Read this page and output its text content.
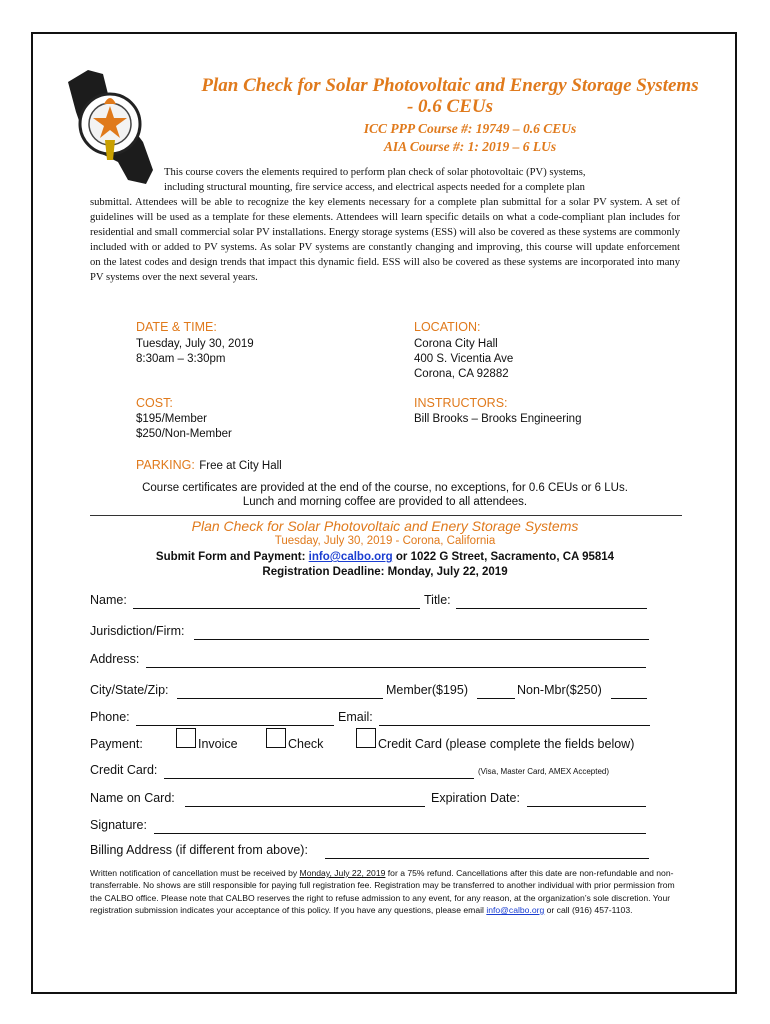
Plan Check for Solar Photovoltaic and Energy Storage Systems
- 0.6 CEUs
ICC PPP Course #: 19749 – 0.6 CEUs
AIA Course #: 1: 2019 – 6 LUs

This course covers the elements required to perform plan check of solar photovoltaic (PV) systems,

including structural mounting, fire service access, and electrical aspects needed for a complete plan

submittal. Attendees will be able to recognize the key elements necessary for a complete plan submittal for a solar PV system. A set of guidelines will be used as a template for these elements. Attendees will learn specific details on what a code-compliant plan includes for residential and small commercial solar PV installations. Energy storage systems (ESS) will also be covered as these systems are commonly included with or added to PV systems. As solar PV systems are constantly changing and improving, this course will update enforcement on the latest codes and design trends that impact this dynamic field. ESS will also be covered as these systems are incorporated into many PV systems over the next several years.

DATE & TIME:
Tuesday, July 30, 2019
8:30am – 3:30pm
LOCATION:
Corona City Hall
400 S. Vicentia Ave
Corona, CA 92882
COST:
$195/Member
$250/Non-Member
INSTRUCTORS:
Bill Brooks – Brooks Engineering
PARKING: Free at City Hall
Course certificates are provided at the end of the course, no exceptions, for 0.6 CEUs or 6 LUs.
Lunch and morning coffee are provided to all attendees.
Plan Check for Solar Photovoltaic and Enery Storage Systems
Tuesday, July 30, 2019 - Corona, California
Submit Form and Payment: info@calbo.org or 1022 G Street, Sacramento, CA 95814
Registration Deadline: Monday, July 22, 2019
Name:	Title:
Jurisdiction/Firm:
Address:
City/State/Zip:	Member($195)	Non-Mbr($250)
Phone:	Email:
Payment:	Invoice	Check	Credit Card (please complete the fields below)
Credit Card:	(Visa, Master Card, AMEX Accepted)
Name on Card:	Expiration Date:
Signature:
Billing Address (if different from above):
Written notification of cancellation must be received by Monday, July 22, 2019 for a 75% refund. Cancellations after this date are non-refundable and non-transferrable. No shows are still responsible for paying full registration fee. Registration may be transferred to another individual with prior permission from the CALBO office. Please note that CALBO reserves the right to refuse admission to any event, for any reason, at the organization’s sole discretion. Your registration submission indicates your acceptance of this policy. If you have any questions, please email info@calbo.org or call (916) 457-1103.
